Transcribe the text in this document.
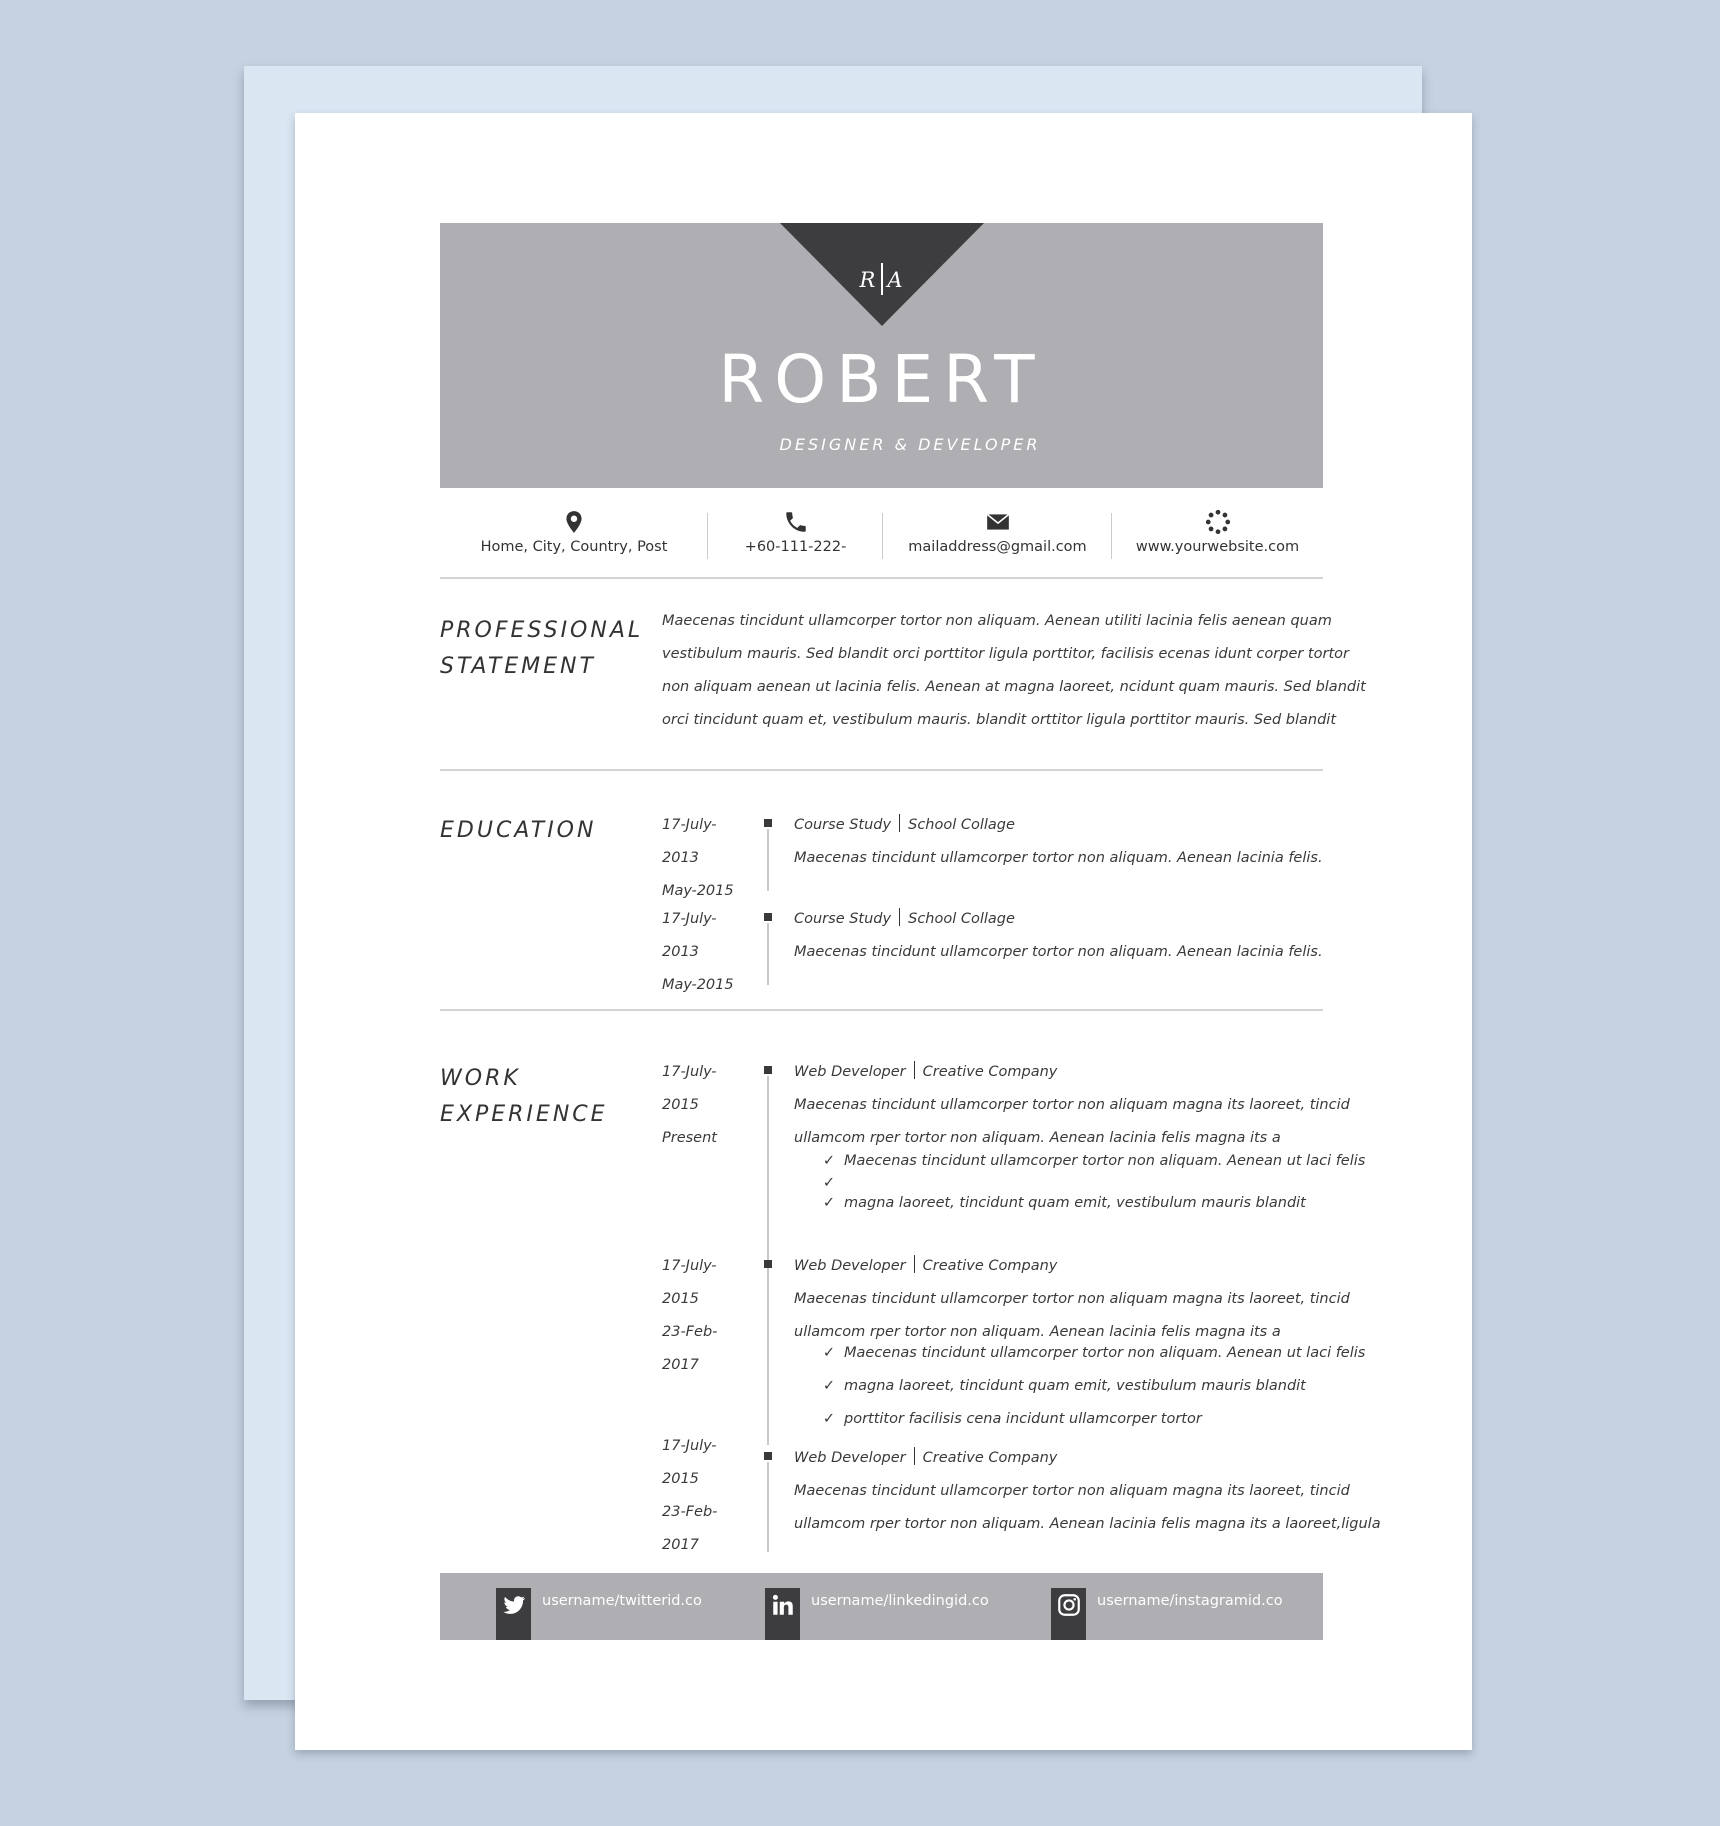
R A
ROBERT
DESIGNER & DEVELOPER
Home, City, Country, Post	+60-111-222-	mailaddress@gmail.com	www.yourwebsite.com
PROFESSIONAL
STATEMENT
Maecenas tincidunt ullamcorper tortor non aliquam. Aenean utiliti lacinia felis aenean quam
vestibulum mauris. Sed blandit orci porttitor ligula porttitor, facilisis ecenas idunt corper tortor
non aliquam aenean ut lacinia felis. Aenean at magna laoreet, ncidunt quam mauris. Sed blandit
orci tincidunt quam et, vestibulum mauris. blandit orttitor ligula porttitor mauris. Sed blandit
EDUCATION	17-July-
2013
May-2015
Course Study School Collage
Maecenas tincidunt ullamcorper tortor non aliquam. Aenean lacinia felis.
17-July-
2013
May-2015
Course Study School Collage
Maecenas tincidunt ullamcorper tortor non aliquam. Aenean lacinia felis.
WORK
EXPERIENCE
17-July-
2015
Present
Web Developer Creative Company
Maecenas tincidunt ullamcorper tortor non aliquam magna its laoreet, tincid
ullamcom rper tortor non aliquam. Aenean lacinia felis magna its a
✓ Maecenas tincidunt ullamcorper tortor non aliquam. Aenean ut laci felis
✓
✓ magna laoreet, tincidunt quam emit, vestibulum mauris blandit
17-July-
2015
23-Feb-
2017
Web Developer Creative Company
Maecenas tincidunt ullamcorper tortor non aliquam magna its laoreet, tincid
ullamcom rper tortor non aliquam. Aenean lacinia felis magna its a
✓ Maecenas tincidunt ullamcorper tortor non aliquam. Aenean ut laci felis
✓ magna laoreet, tincidunt quam emit, vestibulum mauris blandit
✓ porttitor facilisis cena incidunt ullamcorper tortor
17-July-
2015
23-Feb-
2017
Web Developer Creative Company
Maecenas tincidunt ullamcorper tortor non aliquam magna its laoreet, tincid
ullamcom rper tortor non aliquam. Aenean lacinia felis magna its a laoreet,ligula
username/twitterid.co	username/linkedingid.co	username/instagramid.co
